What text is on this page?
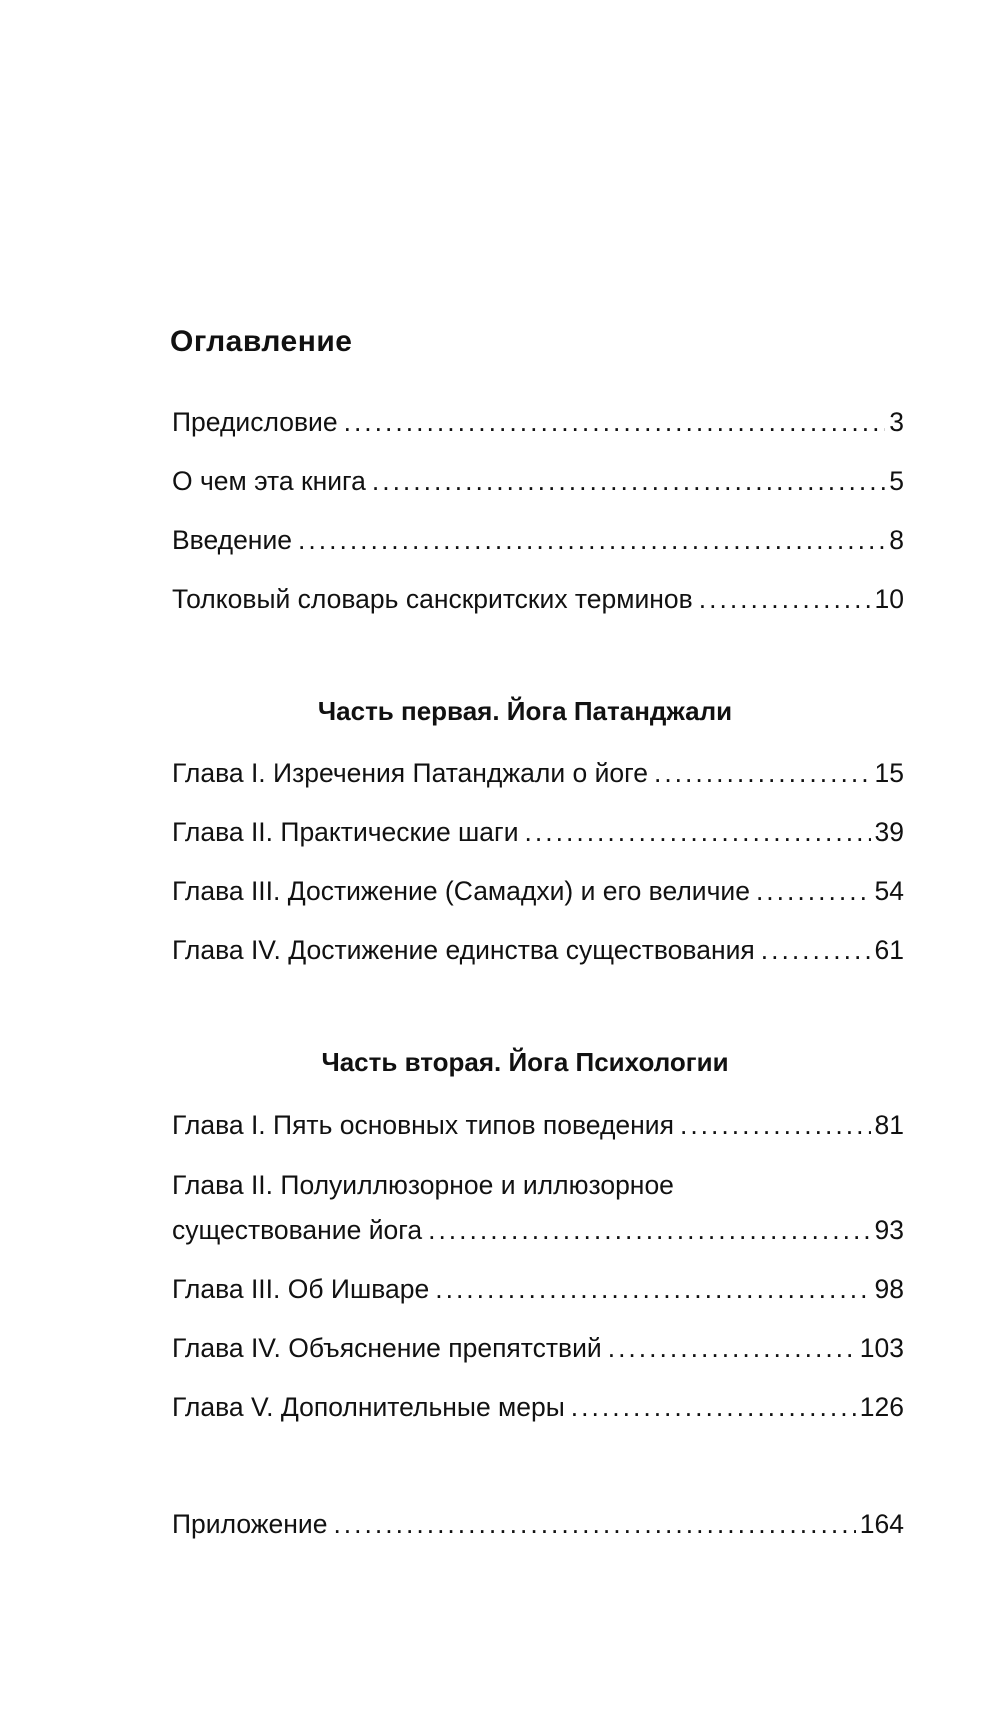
Оглавление
Предисловие .....	3
О чем эта книга .....	5
Введение .....	8
Толковый словарь санскритских терминов .....	10
Часть первая. Йога Патанджали
Глава I. Изречения Патанджали о йоге .....	15
Глава II. Практические шаги .....	39
Глава III. Достижение (Самадхи) и его величие .....	54
Глава IV. Достижение единства существования .....	61
Часть вторая. Йога Психологии
Глава I. Пять основных типов поведения .....	81
Глава II. Полуиллюзорное и иллюзорное
существование йога .....	93
Глава III. Об Ишваре .....	98
Глава IV. Объяснение препятствий .....	103
Глава V. Дополнительные меры .....	126
Приложение .....	164
